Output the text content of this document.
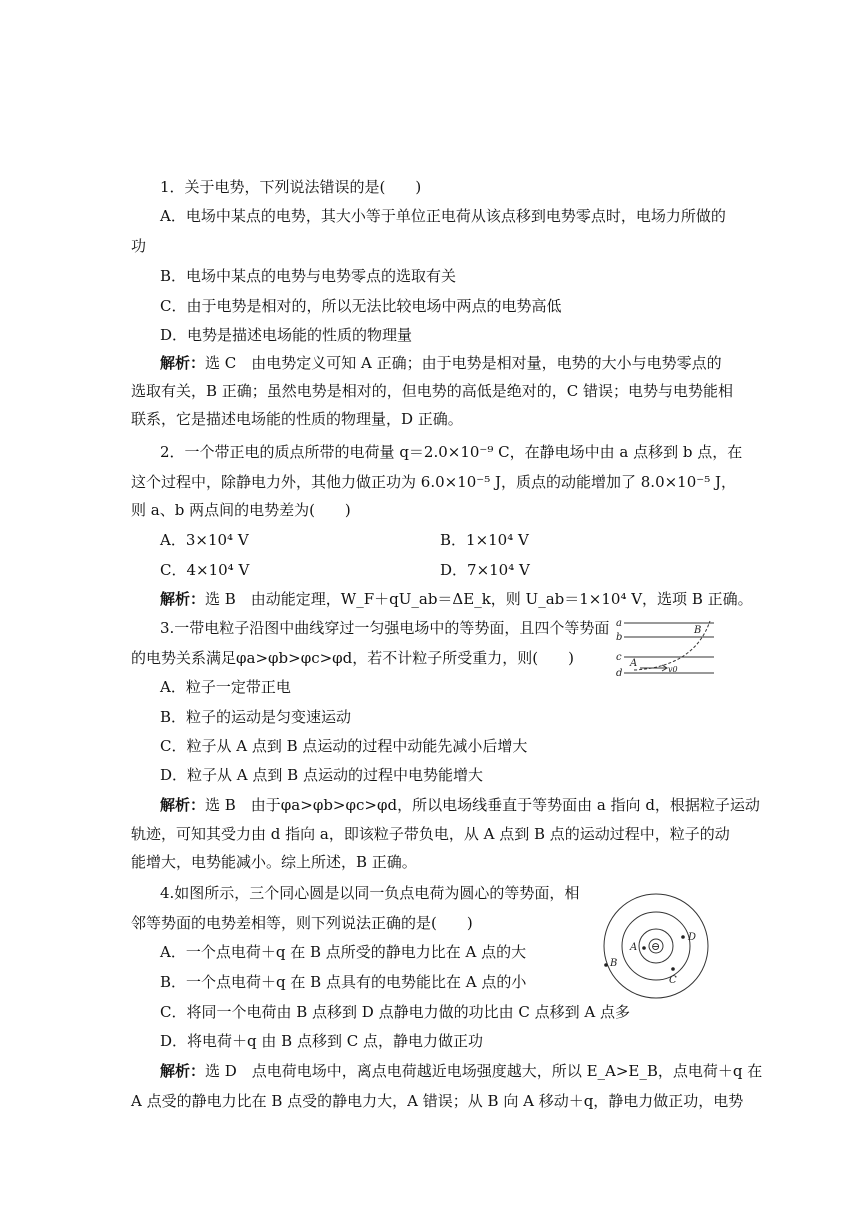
1．关于电势，下列说法错误的是(　　)
A．电场中某点的电势，其大小等于单位正电荷从该点移到电势零点时，电场力所做的
功
B．电场中某点的电势与电势零点的选取有关
C．由于电势是相对的，所以无法比较电场中两点的电势高低
D．电势是描述电场能的性质的物理量
解析：选 C　由电势定义可知 A 正确；由于电势是相对量，电势的大小与电势零点的
选取有关，B 正确；虽然电势是相对的，但电势的高低是绝对的，C 错误；电势与电势能相
联系，它是描述电场能的性质的物理量，D 正确。
2．一个带正电的质点所带的电荷量 q＝2.0×10⁻⁹ C，在静电场中由 a 点移到 b 点，在
这个过程中，除静电力外，其他力做正功为 6.0×10⁻⁵ J，质点的动能增加了 8.0×10⁻⁵ J，
则 a、b 两点间的电势差为(　　)
A．3×10⁴ V	B．1×10⁴ V
C．4×10⁴ V	D．7×10⁴ V
解析：选 B　由动能定理，W_F＋qU_ab＝ΔE_k，则 U_ab＝1×10⁴ V，选项 B 正确。
3.一带电粒子沿图中曲线穿过一匀强电场中的等势面，且四个等势面
的电势关系满足φa>φb>φc>φd，若不计粒子所受重力，则(　　)
A．粒子一定带正电
B．粒子的运动是匀变速运动
C．粒子从 A 点到 B 点运动的过程中动能先减小后增大
D．粒子从 A 点到 B 点运动的过程中电势能增大
解析：选 B　由于φa>φb>φc>φd，所以电场线垂直于等势面由 a 指向 d，根据粒子运动
轨迹，可知其受力由 d 指向 a，即该粒子带负电，从 A 点到 B 点的运动过程中，粒子的动
能增大，电势能减小。综上所述，B 正确。
a
b
c
d
A
B
v0
4.如图所示，三个同心圆是以同一负点电荷为圆心的等势面，相
邻等势面的电势差相等，则下列说法正确的是(　　)
A．一个点电荷＋q 在 B 点所受的静电力比在 A 点的大
B．一个点电荷＋q 在 B 点具有的电势能比在 A 点的小
C．将同一个电荷由 B 点移到 D 点静电力做的功比由 C 点移到 A 点多
D．将电荷＋q 由 B 点移到 C 点，静电力做正功
解析：选 D　点电荷电场中，离点电荷越近电场强度越大，所以 E_A>E_B，点电荷＋q 在
A 点受的静电力比在 B 点受的静电力大，A 错误；从 B 向 A 移动＋q，静电力做正功，电势
A
B
C
D
⊖
